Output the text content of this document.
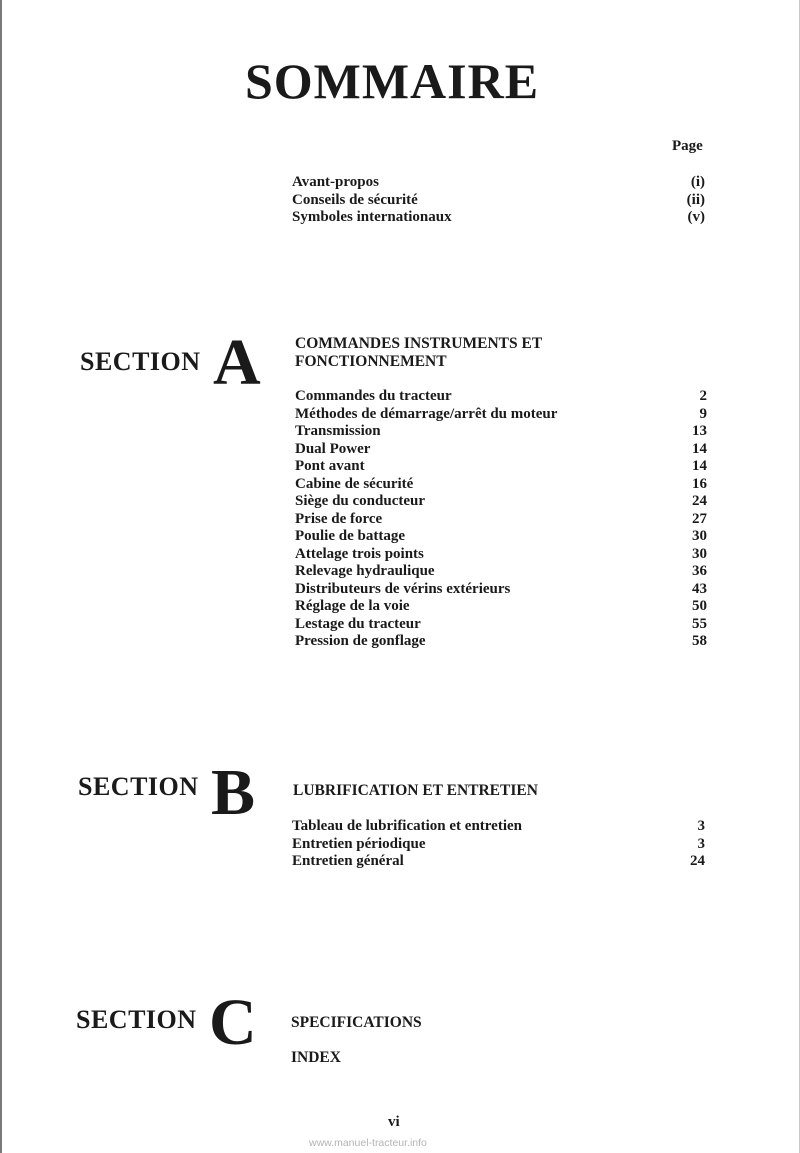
SOMMAIRE
Page
Avant-propos	(i)
Conseils de sécurité	(ii)
Symboles internationaux	(v)
SECTION A COMMANDES INSTRUMENTS ET
FONCTIONNEMENT
Commandes du tracteur	2
Méthodes de démarrage/arrêt du moteur	9
Transmission	13
Dual Power	14
Pont avant	14
Cabine de sécurité	16
Siège du conducteur	24
Prise de force	27
Poulie de battage	30
Attelage trois points	30
Relevage hydraulique	36
Distributeurs de vérins extérieurs	43
Réglage de la voie	50
Lestage du tracteur	55
Pression de gonflage	58
SECTION B LUBRIFICATION ET ENTRETIEN
Tableau de lubrification et entretien	3
Entretien périodique	3
Entretien général	24
SECTION C SPECIFICATIONS
INDEX
vi
www.manuel-tracteur.info
